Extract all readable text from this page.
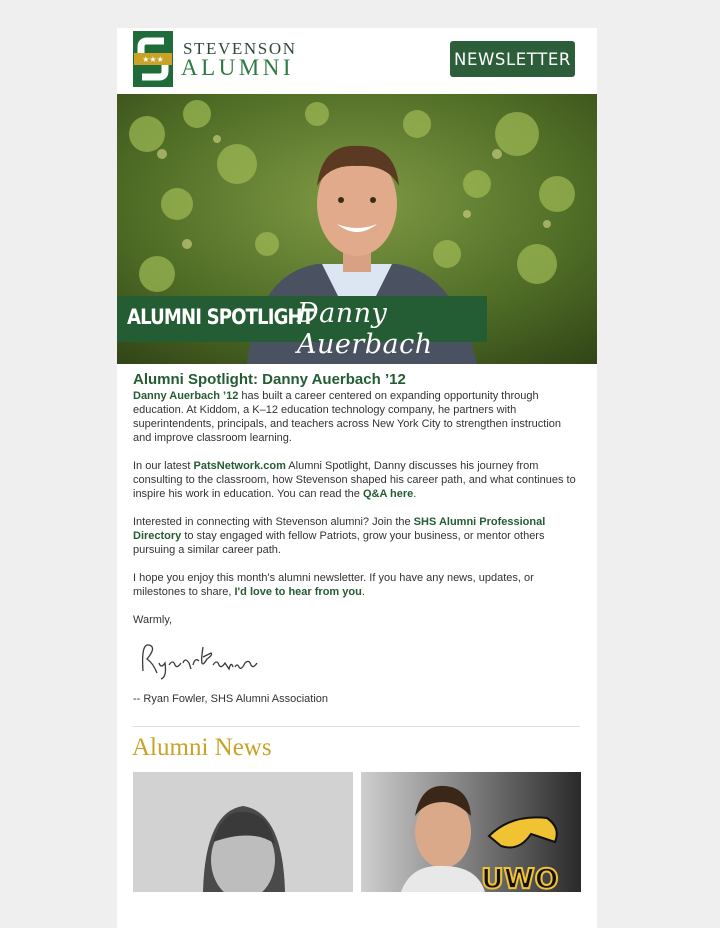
★★★
STEVENSON
ALUMNI	NEWSLETTER
ALUMNI SPOTLIGHT
Danny Auerbach

Alumni Spotlight: Danny Auerbach ’12

Danny Auerbach ’12 has built a career centered on expanding opportunity through education. At Kiddom, a K–12 education technology company, he partners with superintendents, principals, and teachers across New York City to strengthen instruction and improve classroom learning.

In our latest PatsNetwork.com Alumni Spotlight, Danny discusses his journey from consulting to the classroom, how Stevenson shaped his career path, and what continues to inspire his work in education. You can read the Q&A here.

Interested in connecting with Stevenson alumni? Join the SHS Alumni Professional Directory to stay engaged with fellow Patriots, grow your business, or mentor others pursuing a similar career path.

I hope you enjoy this month's alumni newsletter. If you have any news, updates, or milestones to share, I'd love to hear from you.

Warmly,

-- Ryan Fowler, SHS Alumni Association

Alumni News
UWO
